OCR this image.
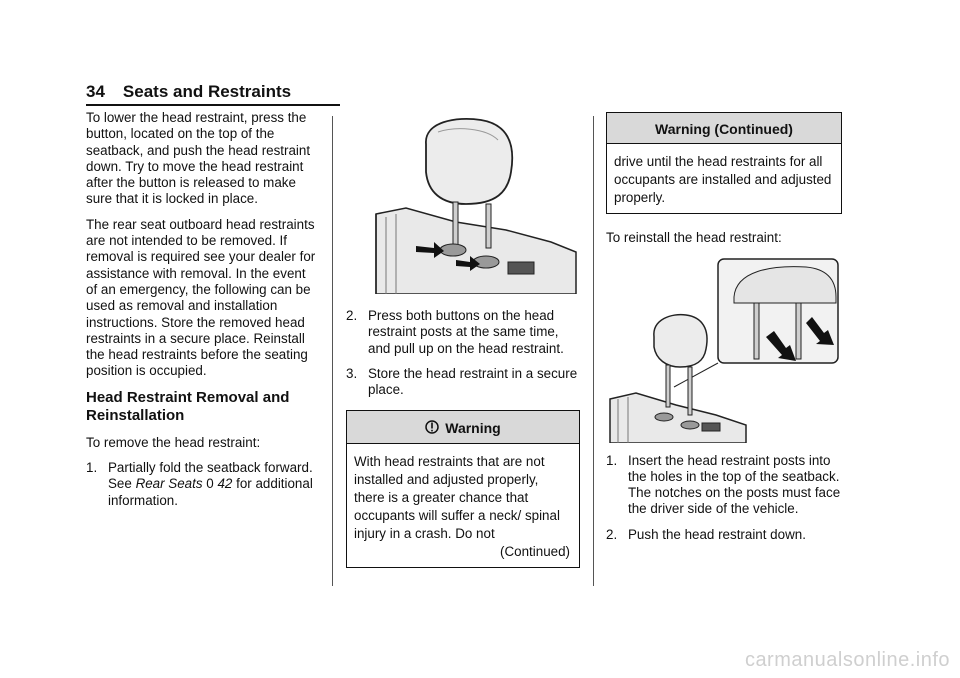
34 Seats and Restraints

To lower the head restraint, press the button, located on the top of the seatback, and push the head restraint down. Try to move the head restraint after the button is released to make sure that it is locked in place.

The rear seat outboard head restraints are not intended to be removed. If removal is required see your dealer for assistance with removal. In the event of an emergency, the following can be used as removal and installation instructions. Store the removed head restraints in a secure place. Reinstall the head restraints before the seating position is occupied.

Head Restraint Removal and Reinstallation

To remove the head restraint:

1. Partially fold the seatback forward. See Rear Seats 0 42 for additional information.
2. Press both buttons on the head restraint posts at the same time, and pull up on the head restraint.
3. Store the head restraint in a secure place.
Warning
With head restraints that are not installed and adjusted properly, there is a greater chance that occupants will suffer a neck/ spinal injury in a crash. Do not
(Continued)
Warning (Continued)
drive until the head restraints for all occupants are installed and adjusted properly.

To reinstall the head restraint:

1. Insert the head restraint posts into the holes in the top of the seatback. The notches on the posts must face the driver side of the vehicle.
2. Push the head restraint down.
carmanualsonline.info
